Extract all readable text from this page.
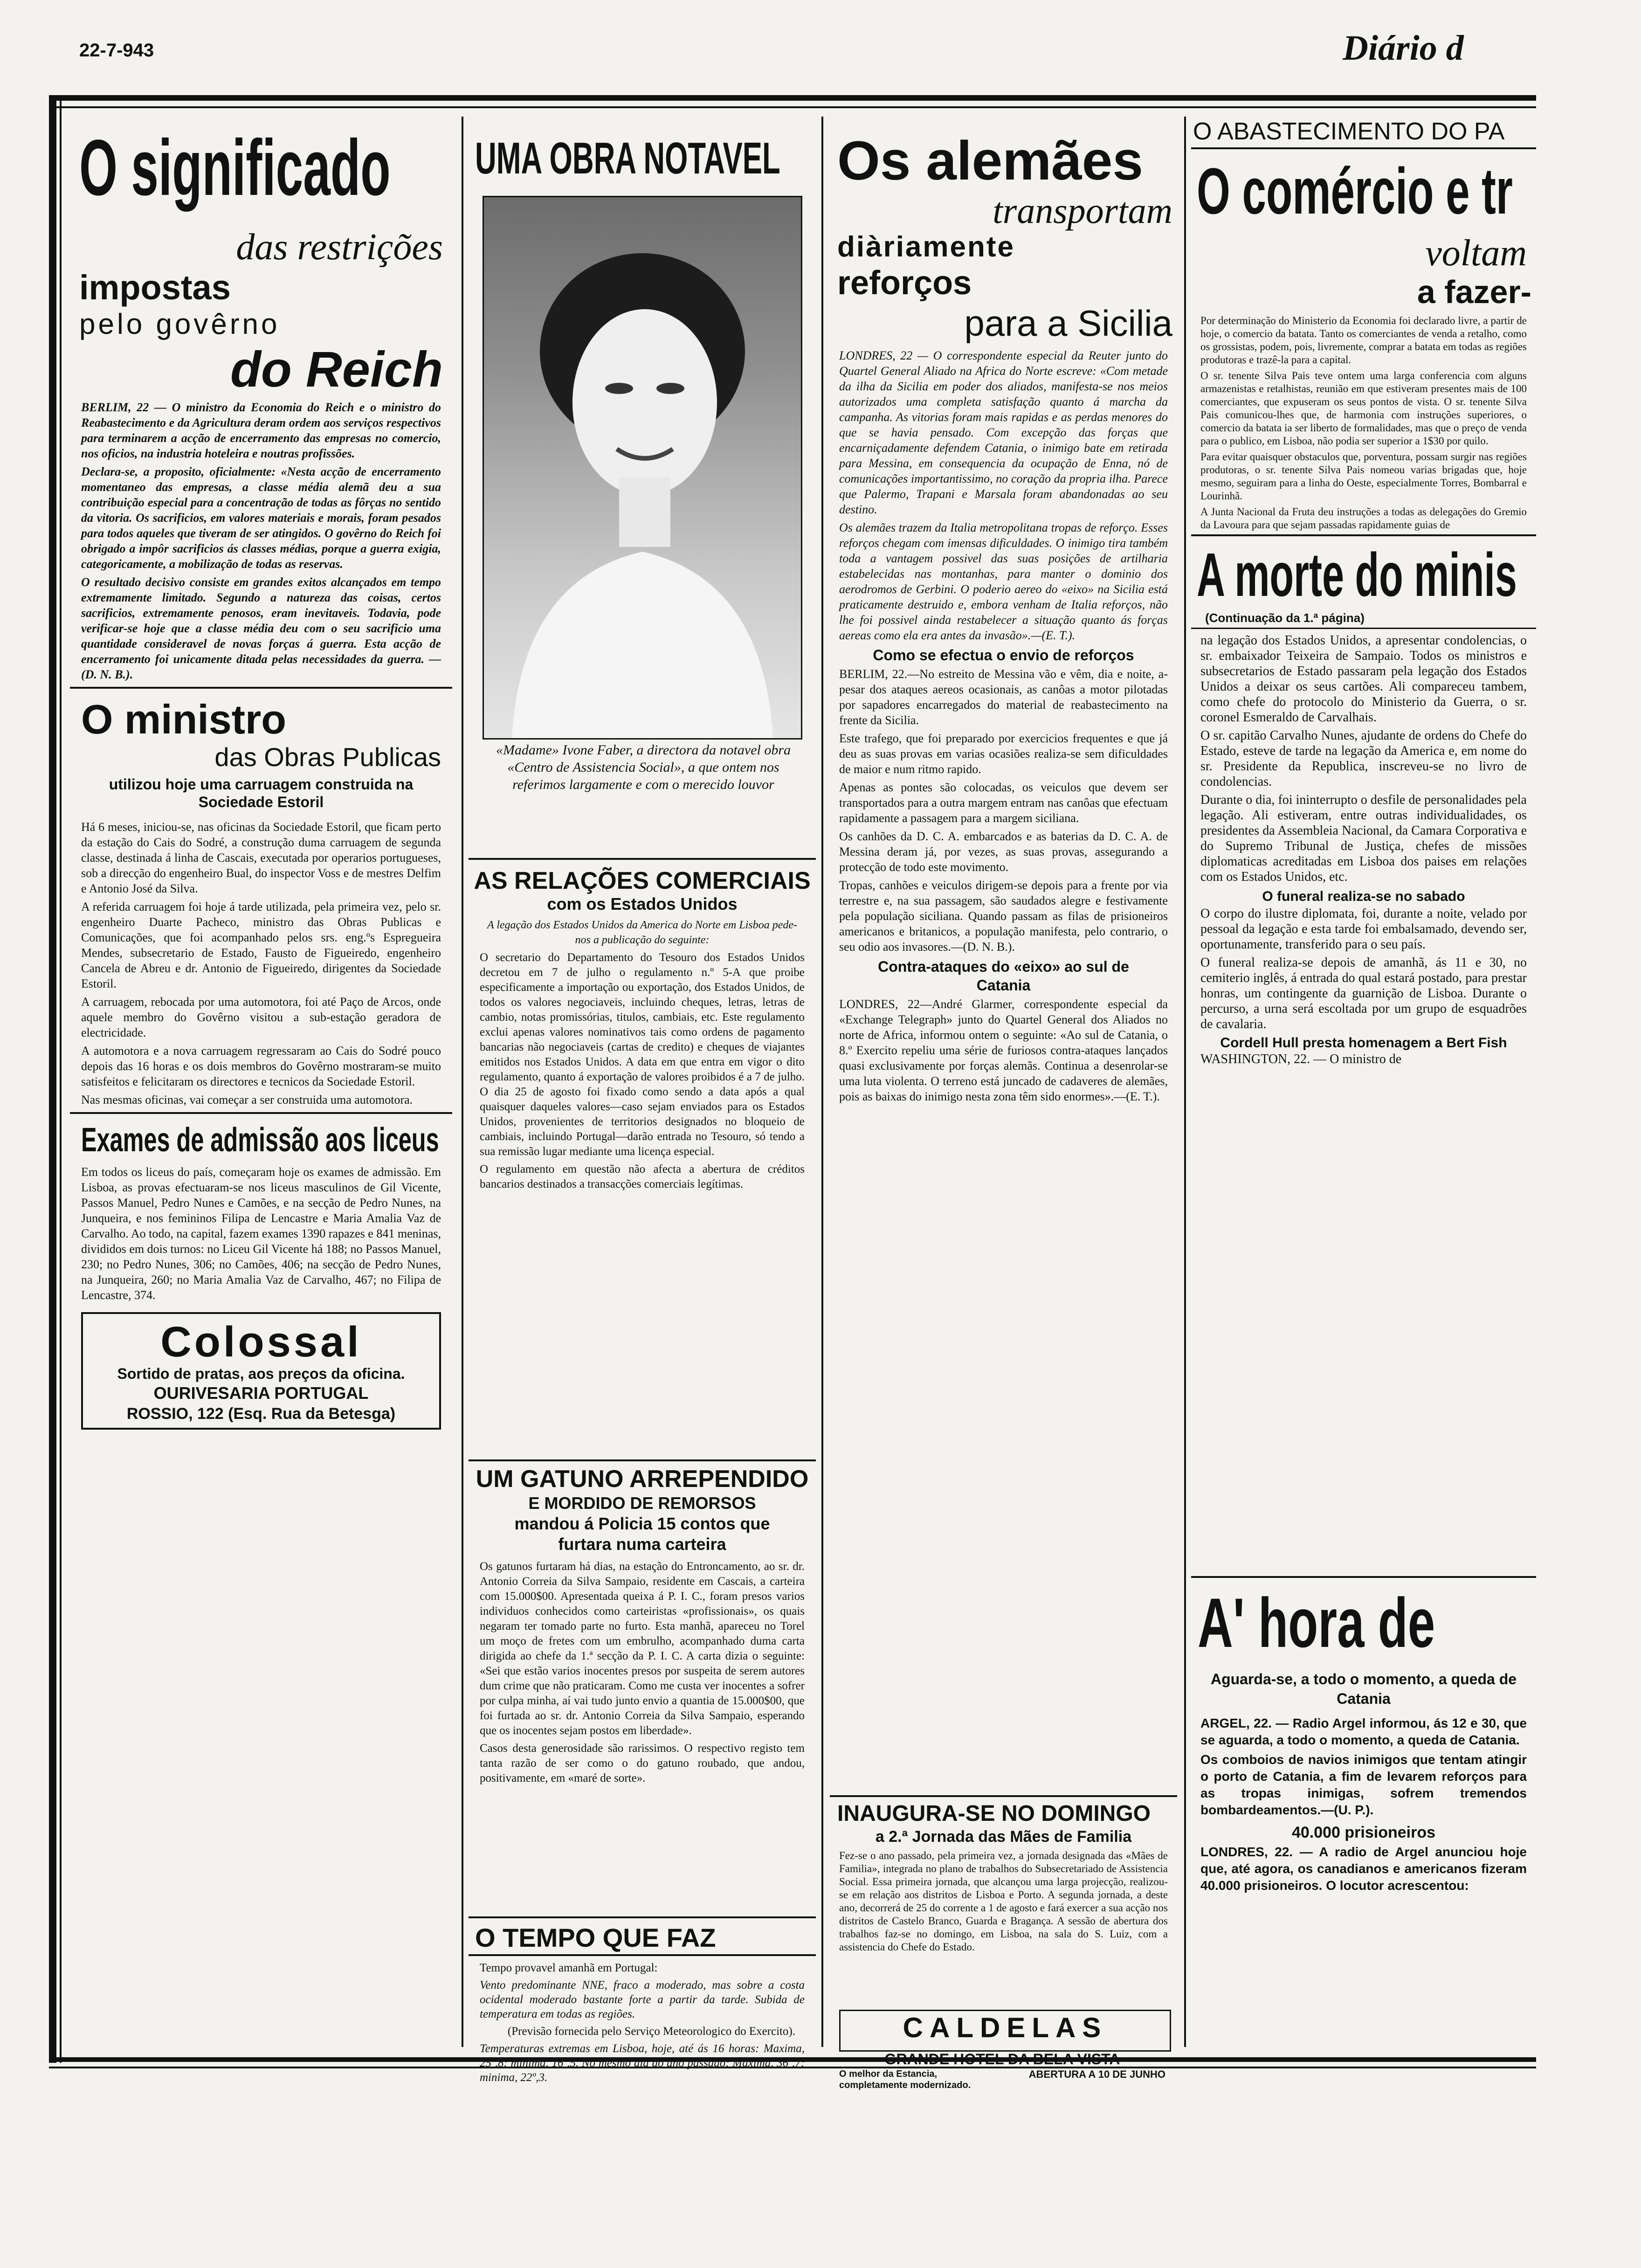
22-7-943	Diário d
O significado
das restrições
impostas
pelo govêrno
do Reich

BERLIM, 22 — O ministro da Economia do Reich e o ministro do Reabastecimento e da Agricultura deram ordem aos serviços respectivos para terminarem a acção de encerramento das empresas no comercio, nos oficios, na industria hoteleira e noutras profissões.

Declara-se, a proposito, oficialmente: «Nesta acção de encerramento momentaneo das empresas, a classe média alemã deu a sua contribuição especial para a concentração de todas as fôrças no sentido da vitoria. Os sacrificios, em valores materiais e morais, foram pesados para todos aqueles que tiveram de ser atingidos. O govêrno do Reich foi obrigado a impôr sacrificios ás classes médias, porque a guerra exigia, categoricamente, a mobilização de todas as reservas.

O resultado decisivo consiste em grandes exitos alcançados em tempo extremamente limitado. Segundo a natureza das coisas, certos sacrificios, extremamente penosos, eram inevitaveis. Todavia, pode verificar-se hoje que a classe média deu com o seu sacrificio uma quantidade consideravel de novas forças á guerra. Esta acção de encerramento foi unicamente ditada pelas necessidades da guerra. —(D. N. B.).

O ministro
das Obras Publicas
utilizou hoje uma carruagem construida na Sociedade Estoril

Há 6 meses, iniciou-se, nas oficinas da Sociedade Estoril, que ficam perto da estação do Cais do Sodré, a construção duma carruagem de segunda classe, destinada á linha de Cascais, executada por operarios portugueses, sob a direcção do engenheiro Bual, do inspector Voss e de mestres Delfim e Antonio José da Silva.

A referida carruagem foi hoje á tarde utilizada, pela primeira vez, pelo sr. engenheiro Duarte Pacheco, ministro das Obras Publicas e Comunicações, que foi acompanhado pelos srs. eng.ºs Espregueira Mendes, subsecretario de Estado, Fausto de Figueiredo, engenheiro Cancela de Abreu e dr. Antonio de Figueiredo, dirigentes da Sociedade Estoril.

A carruagem, rebocada por uma automotora, foi até Paço de Arcos, onde aquele membro do Govêrno visitou a sub-estação geradora de electricidade.

A automotora e a nova carruagem regressaram ao Cais do Sodré pouco depois das 16 horas e os dois membros do Govêrno mostraram-se muito satisfeitos e felicitaram os directores e tecnicos da Sociedade Estoril.

Nas mesmas oficinas, vai começar a ser construida uma automotora.

Exames de admissão aos liceus

Em todos os liceus do país, começaram hoje os exames de admissão. Em Lisboa, as provas efectuaram-se nos liceus masculinos de Gil Vicente, Passos Manuel, Pedro Nunes e Camões, e na secção de Pedro Nunes, na Junqueira, e nos femininos Filipa de Lencastre e Maria Amalia Vaz de Carvalho. Ao todo, na capital, fazem exames 1390 rapazes e 841 meninas, divididos em dois turnos: no Liceu Gil Vicente há 188; no Passos Manuel, 230; no Pedro Nunes, 306; no Camões, 406; na secção de Pedro Nunes, na Junqueira, 260; no Maria Amalia Vaz de Carvalho, 467; no Filipa de Lencastre, 374.

Colossal
Sortido de pratas, aos preços da oficina.
OURIVESARIA PORTUGAL
ROSSIO, 122 (Esq. Rua da Betesga)
UMA OBRA NOTAVEL

«Madame» Ivone Faber, a directora da notavel obra «Centro de Assistencia Social», a que ontem nos referimos largamente e com o merecido louvor

AS RELAÇÕES COMERCIAIS
com os Estados Unidos

A legação dos Estados Unidos da America do Norte em Lisboa pede-nos a publicação do seguinte:

O secretario do Departamento do Tesouro dos Estados Unidos decretou em 7 de julho o regulamento n.º 5-A que proibe especificamente a importação ou exportação, dos Estados Unidos, de todos os valores negociaveis, incluindo cheques, letras, letras de cambio, notas promissórias, titulos, cambiais, etc. Este regulamento exclui apenas valores nominativos tais como ordens de pagamento bancarias não negociaveis (cartas de credito) e cheques de viajantes emitidos nos Estados Unidos. A data em que entra em vigor o dito regulamento, quanto á exportação de valores proibidos é a 7 de julho. O dia 25 de agosto foi fixado como sendo a data após a qual quaisquer daqueles valores—caso sejam enviados para os Estados Unidos, provenientes de territorios designados no bloqueio de cambiais, incluindo Portugal—darão entrada no Tesouro, só tendo a sua remissão lugar mediante uma licença especial.

O regulamento em questão não afecta a abertura de créditos bancarios destinados a transacções comerciais legítimas.

UM GATUNO ARREPENDIDO
E MORDIDO DE REMORSOS
mandou á Policia 15 contos que furtara numa carteira

Os gatunos furtaram há dias, na estação do Entroncamento, ao sr. dr. Antonio Correia da Silva Sampaio, residente em Cascais, a carteira com 15.000$00. Apresentada queixa á P. I. C., foram presos varios individuos conhecidos como carteiristas «profissionais», os quais negaram ter tomado parte no furto. Esta manhã, apareceu no Torel um moço de fretes com um embrulho, acompanhado duma carta dirigida ao chefe da 1.ª secção da P. I. C. A carta dizia o seguinte: «Sei que estão varios inocentes presos por suspeita de serem autores dum crime que não praticaram. Como me custa ver inocentes a sofrer por culpa minha, aí vai tudo junto envio a quantia de 15.000$00, que foi furtada ao sr. dr. Antonio Correia da Silva Sampaio, esperando que os inocentes sejam postos em liberdade».

Casos desta generosidade são rarissimos. O respectivo registo tem tanta razão de ser como o do gatuno roubado, que andou, positivamente, em «maré de sorte».

O TEMPO QUE FAZ

Tempo provavel amanhã em Portugal:

Vento predominante NNE, fraco a moderado, mas sobre a costa ocidental moderado bastante forte a partir da tarde. Subida de temperatura em todas as regiões.

(Previsão fornecida pelo Serviço Meteorologico do Exercito).

Temperaturas extremas em Lisboa, hoje, até ás 16 horas: Maxima, 25º,8; minima, 16º,5. No mesmo dia do ano passado: Maxima, 36º,7; minima, 22º,3.

Os alemães
transportam
diàriamente
reforços
para a Sicilia

LONDRES, 22 — O correspondente especial da Reuter junto do Quartel General Aliado na Africa do Norte escreve: «Com metade da ilha da Sicilia em poder dos aliados, manifesta-se nos meios autorizados uma completa satisfação quanto á marcha da campanha. As vitorias foram mais rapidas e as perdas menores do que se havia pensado. Com excepção das forças que encarniçadamente defendem Catania, o inimigo bate em retirada para Messina, em consequencia da ocupação de Enna, nó de comunicações importantissimo, no coração da propria ilha. Parece que Palermo, Trapani e Marsala foram abandonadas ao seu destino.

Os alemães trazem da Italia metropolitana tropas de reforço. Esses reforços chegam com imensas dificuldades. O inimigo tira também toda a vantagem possivel das suas posições de artilharia estabelecidas nas montanhas, para manter o dominio dos aerodromos de Gerbini. O poderio aereo do «eixo» na Sicilia está praticamente destruido e, embora venham de Italia reforços, não lhe foi possivel ainda restabelecer a situação quanto ás forças aereas como ela era antes da invasão».—(E. T.).

Como se efectua o envio de reforços

BERLIM, 22.—No estreito de Messina vão e vêm, dia e noite, a-pesar dos ataques aereos ocasionais, as canôas a motor pilotadas por sapadores encarregados do material de reabastecimento na frente da Sicilia.

Este trafego, que foi preparado por exercicios frequentes e que já deu as suas provas em varias ocasiões realiza-se sem dificuldades de maior e num ritmo rapido.

Apenas as pontes são colocadas, os veiculos que devem ser transportados para a outra margem entram nas canôas que efectuam rapidamente a passagem para a margem siciliana.

Os canhões da D. C. A. embarcados e as baterias da D. C. A. de Messina deram já, por vezes, as suas provas, assegurando a protecção de todo este movimento.

Tropas, canhões e veiculos dirigem-se depois para a frente por via terrestre e, na sua passagem, são saudados alegre e festivamente pela população siciliana. Quando passam as filas de prisioneiros americanos e britanicos, a população manifesta, pelo contrario, o seu odio aos invasores.—(D. N. B.).

Contra-ataques do «eixo» ao sul de Catania

LONDRES, 22—André Glarmer, correspondente especial da «Exchange Telegraph» junto do Quartel General dos Aliados no norte de Africa, informou ontem o seguinte: «Ao sul de Catania, o 8.º Exercito repeliu uma série de furiosos contra-ataques lançados quasi exclusivamente por forças alemãs. Continua a desenrolar-se uma luta violenta. O terreno está juncado de cadaveres de alemães, pois as baixas do inimigo nesta zona têm sido enormes».—(E. T.).

INAUGURA-SE NO DOMINGO
a 2.ª Jornada das Mães de Familia

Fez-se o ano passado, pela primeira vez, a jornada designada das «Mães de Familia», integrada no plano de trabalhos do Subsecretariado de Assistencia Social. Essa primeira jornada, que alcançou uma larga projecção, realizou-se em relação aos distritos de Lisboa e Porto. A segunda jornada, a deste ano, decorrerá de 25 do corrente a 1 de agosto e fará exercer a sua acção nos distritos de Castelo Branco, Guarda e Bragança. A sessão de abertura dos trabalhos faz-se no domingo, em Lisboa, na sala do S. Luiz, com a assistencia do Chefe do Estado.

CALDELAS
GRANDE HOTEL DA BELA VISTA
O melhor da Estancia, completamente modernizado.
ABERTURA A 10 DE JUNHO
O ABASTECIMENTO DO PA
O comércio e tr
voltam
a fazer-

Por determinação do Ministerio da Economia foi declarado livre, a partir de hoje, o comercio da batata. Tanto os comerciantes de venda a retalho, como os grossistas, podem, pois, livremente, comprar a batata em todas as regiões produtoras e trazê-la para a capital.

O sr. tenente Silva Pais teve ontem uma larga conferencia com alguns armazenistas e retalhistas, reunião em que estiveram presentes mais de 100 comerciantes, que expuseram os seus pontos de vista. O sr. tenente Silva Pais comunicou-lhes que, de harmonia com instruções superiores, o comercio da batata ia ser liberto de formalidades, mas que o preço de venda para o publico, em Lisboa, não podia ser superior a 1$30 por quilo.

Para evitar quaisquer obstaculos que, porventura, possam surgir nas regiões produtoras, o sr. tenente Silva Pais nomeou varias brigadas que, hoje mesmo, seguiram para a linha do Oeste, especialmente Torres, Bombarral e Lourinhã.

A Junta Nacional da Fruta deu instruções a todas as delegações do Gremio da Lavoura para que sejam passadas rapidamente guias de

A morte do minis
(Continuação da 1.ª página)

na legação dos Estados Unidos, a apresentar condolencias, o sr. embaixador Teixeira de Sampaio. Todos os ministros e subsecretarios de Estado passaram pela legação dos Estados Unidos a deixar os seus cartões. Ali compareceu tambem, como chefe do protocolo do Ministerio da Guerra, o sr. coronel Esmeraldo de Carvalhais.

O sr. capitão Carvalho Nunes, ajudante de ordens do Chefe do Estado, esteve de tarde na legação da America e, em nome do sr. Presidente da Republica, inscreveu-se no livro de condolencias.

Durante o dia, foi ininterrupto o desfile de personalidades pela legação. Ali estiveram, entre outras individualidades, os presidentes da Assembleia Nacional, da Camara Corporativa e do Supremo Tribunal de Justiça, chefes de missões diplomaticas acreditadas em Lisboa dos paises em relações com os Estados Unidos, etc.

O funeral realiza-se no sabado

O corpo do ilustre diplomata, foi, durante a noite, velado por pessoal da legação e esta tarde foi embalsamado, devendo ser, oportunamente, transferido para o seu país.

O funeral realiza-se depois de amanhã, ás 11 e 30, no cemiterio inglês, á entrada do qual estará postado, para prestar honras, um contingente da guarnição de Lisboa. Durante o percurso, a urna será escoltada por um grupo de esquadrões de cavalaria.

Cordell Hull presta homenagem a Bert Fish

WASHINGTON, 22. — O ministro de

A' hora de
Aguarda-se, a todo o momento, a queda de Catania

ARGEL, 22. — Radio Argel informou, ás 12 e 30, que se aguarda, a todo o momento, a queda de Catania.

Os comboios de navios inimigos que tentam atingir o porto de Catania, a fim de levarem reforços para as tropas inimigas, sofrem tremendos bombardeamentos.—(U. P.).

40.000 prisioneiros

LONDRES, 22. — A radio de Argel anunciou hoje que, até agora, os canadianos e americanos fizeram 40.000 prisioneiros. O locutor acrescentou:
